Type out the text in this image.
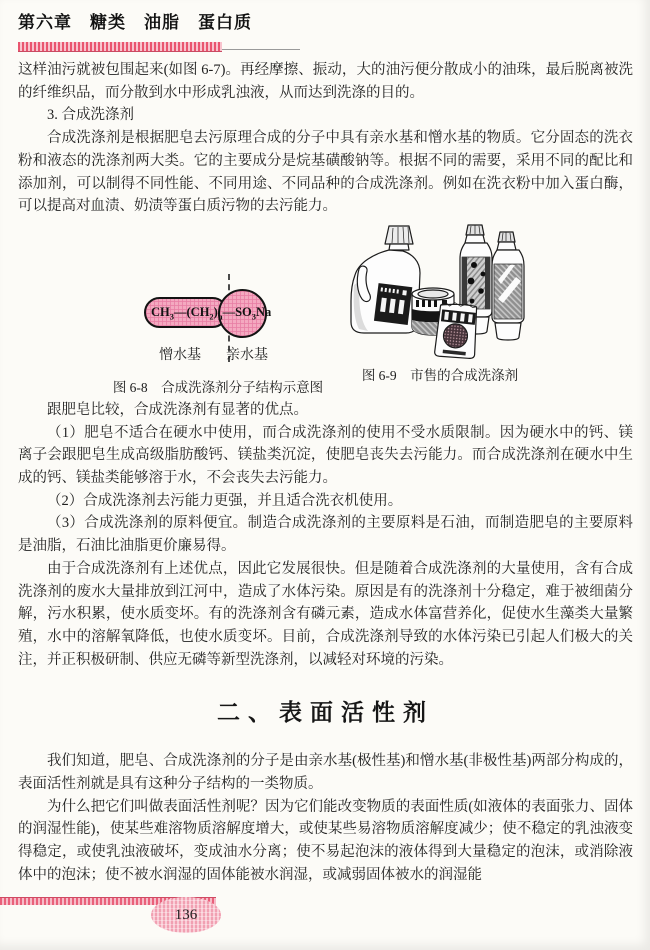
第六章　糖类　油脂　蛋白质

这样油污就被包围起来(如图 6-7)。再经摩擦、振动，大的油污便分散成小的油珠，最后脱离被洗的纤维织品，而分散到水中形成乳浊液，从而达到洗涤的目的。

3. 合成洗涤剂

合成洗涤剂是根据肥皂去污原理合成的分子中具有亲水基和憎水基的物质。它分固态的洗衣粉和液态的洗涤剂两大类。它的主要成分是烷基磺酸钠等。根据不同的需要，采用不同的配比和添加剂，可以制得不同性能、不同用途、不同品种的合成洗涤剂。例如在洗衣粉中加入蛋白酶，可以提高对血渍、奶渍等蛋白质污物的去污能力。

$CH_3—(CH_2)_n—SO_3Na$
憎水基	亲水基
图 6-8　合成洗涤剂分子结构示意图
图 6-9　市售的合成洗涤剂

跟肥皂比较，合成洗涤剂有显著的优点。

（1）肥皂不适合在硬水中使用，而合成洗涤剂的使用不受水质限制。因为硬水中的钙、镁离子会跟肥皂生成高级脂肪酸钙、镁盐类沉淀，使肥皂丧失去污能力。而合成洗涤剂在硬水中生成的钙、镁盐类能够溶于水，不会丧失去污能力。

（2）合成洗涤剂去污能力更强，并且适合洗衣机使用。

（3）合成洗涤剂的原料便宜。制造合成洗涤剂的主要原料是石油，而制造肥皂的主要原料是油脂，石油比油脂更价廉易得。

由于合成洗涤剂有上述优点，因此它发展很快。但是随着合成洗涤剂的大量使用，含有合成洗涤剂的废水大量排放到江河中，造成了水体污染。原因是有的洗涤剂十分稳定，难于被细菌分解，污水积累，使水质变坏。有的洗涤剂含有磷元素，造成水体富营养化，促使水生藻类大量繁殖，水中的溶解氧降低，也使水质变坏。目前，合成洗涤剂导致的水体污染已引起人们极大的关注，并正积极研制、供应无磷等新型洗涤剂，以减轻对环境的污染。

二、表面活性剂

我们知道，肥皂、合成洗涤剂的分子是由亲水基(极性基)和憎水基(非极性基)两部分构成的，表面活性剂就是具有这种分子结构的一类物质。

为什么把它们叫做表面活性剂呢？因为它们能改变物质的表面性质(如液体的表面张力、固体的润湿性能)，使某些难溶物质溶解度增大，或使某些易溶物质溶解度减少；使不稳定的乳浊液变得稳定，或使乳浊液破坏，变成油水分离；使不易起泡沫的液体得到大量稳定的泡沫，或消除液体中的泡沫；使不被水润湿的固体能被水润湿，或减弱固体被水的润湿能

136
